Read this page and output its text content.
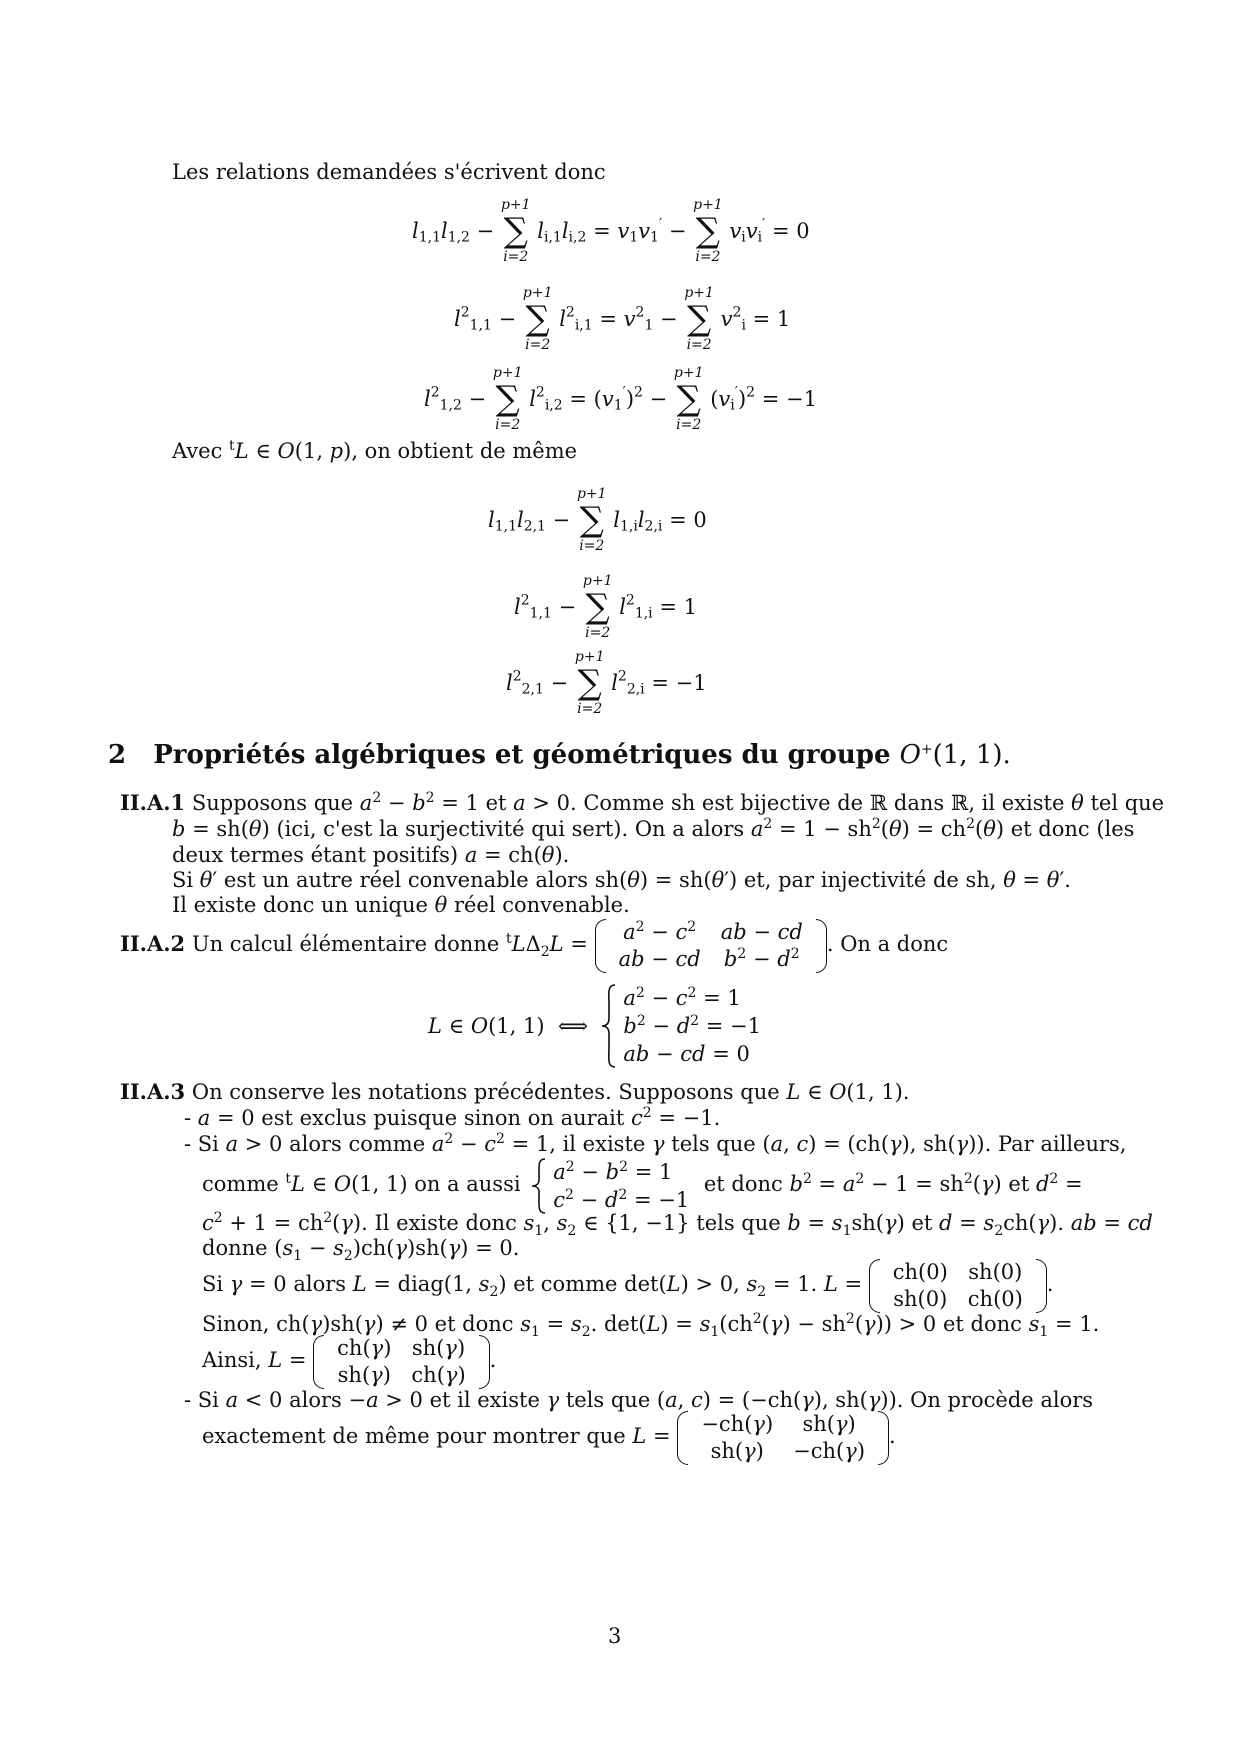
Les relations demandées s'écrivent donc
$l_{1,1}l_{1,2}$ −
p+1
∑
i=2
$l_{i,1}l_{i,2} = v_1v_1'$ −
p+1
∑
i=2
$v_iv_i' = 0$
$l^2_{1,1}$ −
p+1
∑
i=2
$l^2_{i,1} = v^2_1$ −
p+1
∑
i=2
$v^2_i = 1$
$l^2_{1,2}$ −
p+1
∑
i=2
$l^2_{i,2} = (v_1')^2$ −
p+1
∑
i=2
$(v_i')^2 = -1$
Avec $^t$L ∈ O(1, p), on obtient de même
$l_{1,1}l_{2,1}$ −
p+1
∑
i=2
$l_{1,i}l_{2,i} = 0$
$l^2_{1,1}$ −
p+1
∑
i=2
$l^2_{1,i} = 1$
$l^2_{2,1}$ −
p+1
∑
i=2
$l^2_{2,i} = -1$
2 Propriétés algébriques et géométriques du groupe O+(1, 1).
II.A.1 Supposons que $a^2 - b^2 = 1$ et a > 0. Comme sh est bijective de ℝ dans ℝ, il existe θ tel que
b = sh(θ) (ici, c'est la surjectivité qui sert). On a alors $a^2 = 1 - sh^2(\theta) = ch^2(\theta)$ et donc (les
deux termes étant positifs) a = ch(θ).
Si θ′ est un autre réel convenable alors sh(θ) = sh(θ′) et, par injectivité de sh, θ = θ′.
Il existe donc un unique θ réel convenable.
II.A.2 Un calcul élémentaire donne $^tL\Delta_2L$ =
$a^2 - c^2$	ab − cd
ab − cd	$b^2 - d^2$ . On a donc
L ∈ O(1, 1)  ⟺
$a^2 - c^2 = 1$
$b^2 - d^2 = -1$
ab − cd = 0
II.A.3 On conserve les notations précédentes. Supposons que L ∈ O(1, 1).
- a = 0 est exclus puisque sinon on aurait $c^2 = -1$.
- Si a > 0 alors comme $a^2 - c^2 = 1$, il existe γ tels que (a, c) = (ch(γ), sh(γ)). Par ailleurs,
comme $^t$L ∈ O(1, 1) on a aussi
$a^2 - b^2 = 1$
$c^2 - d^2 = -1$
et donc $b^2 = a^2 - 1 = sh^2(\gamma)$ et $d^2$ =
$c^2 + 1 = ch^2(\gamma)$. Il existe donc $s_1$, $s_2$ ∈ {1, −1} tels que $b = s_1sh(\gamma)$ et $d = s_2ch(\gamma)$. ab = cd
donne $(s_1 - s_2)ch(\gamma)sh(\gamma) = 0$.
Si γ = 0 alors L = diag(1, $s_2$) et comme det(L) > 0, $s_2 = 1$. L =
ch(0)	sh(0)
sh(0)	ch(0)
.
Sinon, ch(γ)sh(γ) ≠ 0 et donc $s_1 = s_2$. $\det(L) = s_1(ch^2(\gamma) - sh^2(\gamma)) > 0$ et donc $s_1 = 1$.
Ainsi, L =
ch(γ)	sh(γ)
sh(γ)	ch(γ)
.
- Si a < 0 alors −a > 0 et il existe γ tels que (a, c) = (−ch(γ), sh(γ)). On procède alors
exactement de même pour montrer que L =
−ch(γ)	sh(γ)
sh(γ)	−ch(γ)
.
3
